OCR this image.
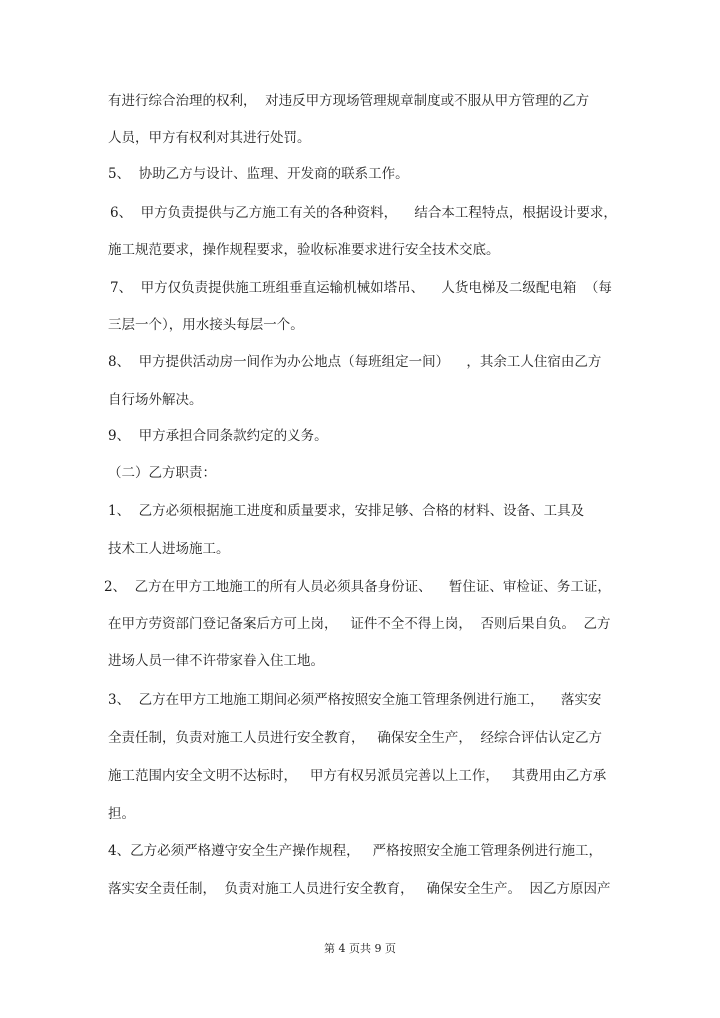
有进行综合治理的权利，  对违反甲方现场管理规章制度或不服从甲方管理的乙方
人员，甲方有权利对其进行处罚。
5、  协助乙方与设计、监理、开发商的联系工作。
6、  甲方负责提供与乙方施工有关的各种资料，    结合本工程特点，根据设计要求，
施工规范要求，操作规程要求，验收标准要求进行安全技术交底。
7、  甲方仅负责提供施工班组垂直运输机械如塔吊、    人货电梯及二级配电箱  （每
三层一个），用水接头每层一个。
8、  甲方提供活动房一间作为办公地点（每班组定一间）    ，其余工人住宿由乙方
自行场外解决。
9、  甲方承担合同条款约定的义务。
（二）乙方职责：
1、  乙方必须根据施工进度和质量要求，安排足够、合格的材料、设备、工具及
技术工人进场施工。
2、  乙方在甲方工地施工的所有人员必须具备身份证、    暂住证、审检证、务工证，
在甲方劳资部门登记备案后方可上岗，   证件不全不得上岗，  否则后果自负。  乙方
进场人员一律不许带家眷入住工地。
3、  乙方在甲方工地施工期间必须严格按照安全施工管理条例进行施工，    落实安
全责任制，负责对施工人员进行安全教育，   确保安全生产，  经综合评估认定乙方
施工范围内安全文明不达标时，   甲方有权另派员完善以上工作，   其费用由乙方承
担。
4、乙方必须严格遵守安全生产操作规程，   严格按照安全施工管理条例进行施工，
落实安全责任制，  负责对施工人员进行安全教育，   确保安全生产。  因乙方原因产
第 4 页共 9 页
